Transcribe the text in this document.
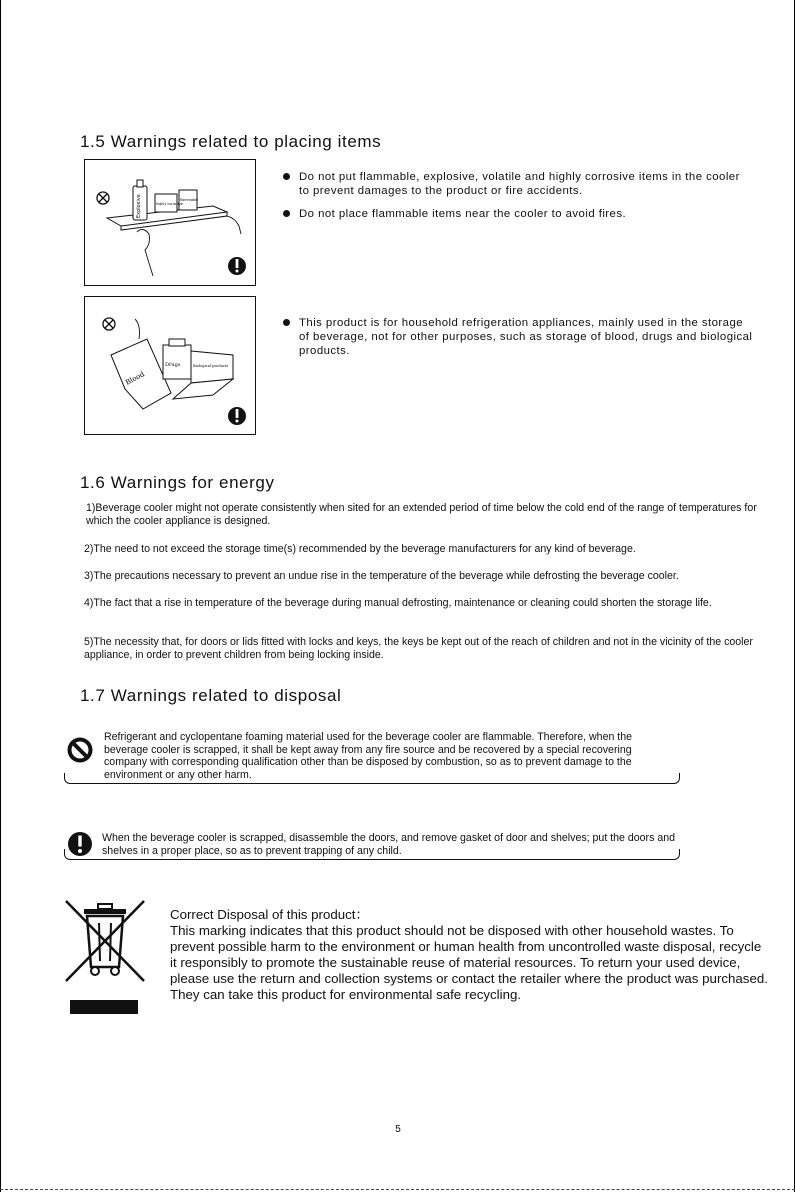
1.5 Warnings related to placing items
Explosive	highly corrosive
flammable
Do not put flammable, explosive, volatile and highly corrosive items in the cooler to prevent damages to the product or fire accidents.
Do not place flammable items near the cooler to avoid fires.
Blood
Drugs	Biological products
This product is for household refrigeration appliances, mainly used in the storage of beverage, not for other purposes, such as storage of blood, drugs and biological products.
1.6 Warnings for energy

1)Beverage cooler might not operate consistently when sited for an extended period of time below the cold end of the range of temperatures for which the cooler appliance is designed.

2)The need to not exceed the storage time(s) recommended by the beverage manufacturers for any kind of beverage.

3)The precautions necessary to prevent an undue rise in the temperature of the beverage while defrosting the beverage cooler.

4)The fact that a rise in temperature of the beverage during manual defrosting, maintenance or cleaning could shorten the storage life.

5)The necessity that, for doors or lids fitted with locks and keys, the keys be kept out of the reach of children and not in the vicinity of the cooler appliance, in order to prevent children from being locking inside.

1.7 Warnings related to disposal

Refrigerant and cyclopentane foaming material used for the beverage cooler are flammable. Therefore, when the beverage cooler is scrapped, it shall be kept away from any fire source and be recovered by a special recovering company with corresponding qualification other than be disposed by combustion, so as to prevent damage to the environment or any other harm.

When the beverage cooler is scrapped, disassemble the doors, and remove gasket of door and shelves; put the doors and shelves in a proper place, so as to prevent trapping of any child.

Correct Disposal of this product：

This marking indicates that this product should not be disposed with other household wastes. To prevent possible harm to the environment or human health from uncontrolled waste disposal, recycle it responsibly to promote the sustainable reuse of material resources. To return your used device, please use the return and collection systems or contact the retailer where the product was purchased. They can take this product for environmental safe recycling.

5
